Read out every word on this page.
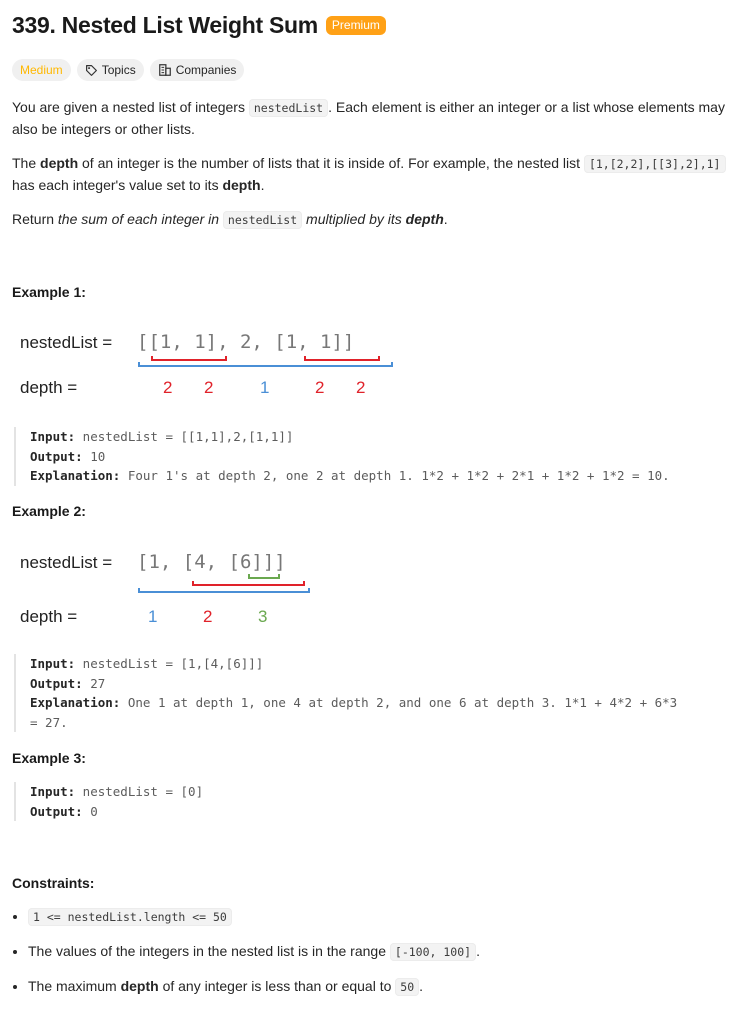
339. Nested List Weight Sum	Premium
Medium	Topics	Companies
You are given a nested list of integers nestedList . Each element is either an integer or a list whose elements may also be integers or other lists.
The depth of an integer is the number of lists that it is inside of. For example, the nested list [1,[2,2],[[3],2],1] has each integer's value set to its depth.
Return the sum of each integer in nestedList multiplied by its depth.
Example 1:
nestedList = [[1, 1], 2, [1, 1]]
depth =	2 2	1	2 2
Input: nestedList = [[1,1],2,[1,1]]
Output: 10
Explanation: Four 1's at depth 2, one 2 at depth 1. 1*2 + 1*2 + 2*1 + 1*2 + 1*2 = 10.
Example 2:
nestedList = [1, [4, [6]]]
depth =	1	2	3
Input: nestedList = [1,[4,[6]]]
Output: 27
Explanation: One 1 at depth 1, one 4 at depth 2, and one 6 at depth 3. 1*1 + 4*2 + 6*3
= 27.
Example 3:
Input: nestedList = [0]
Output: 0
Constraints:
• 1 <= nestedList.length <= 50
• The values of the integers in the nested list is in the range [-100, 100] .
• The maximum depth of any integer is less than or equal to 50 .
